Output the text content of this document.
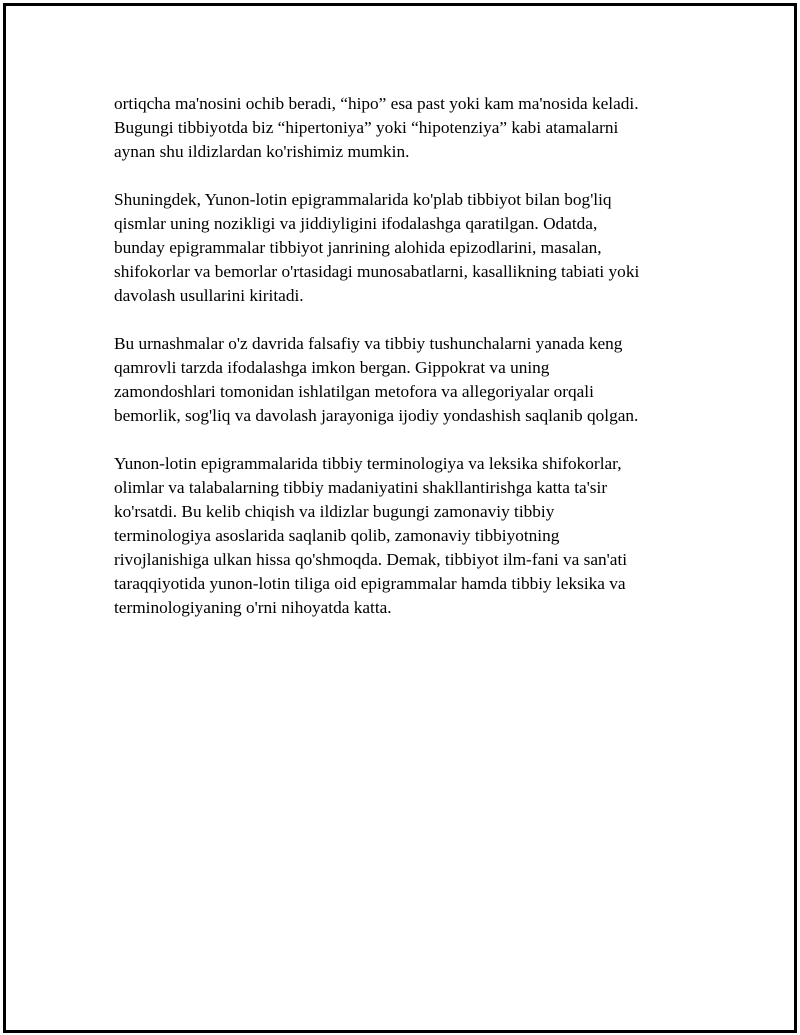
ortiqcha ma'nosini ochib beradi, “hipo” esa past yoki kam ma'nosida keladi.
Bugungi tibbiyotda biz “hipertoniya” yoki “hipotenziya” kabi atamalarni
aynan shu ildizlardan ko'rishimiz mumkin.

Shuningdek, Yunon-lotin epigrammalarida ko'plab tibbiyot bilan bog'liq
qismlar uning nozikligi va jiddiyligini ifodalashga qaratilgan. Odatda,
bunday epigrammalar tibbiyot janrining alohida epizodlarini, masalan,
shifokorlar va bemorlar o'rtasidagi munosabatlarni, kasallikning tabiati yoki
davolash usullarini kiritadi.

Bu urnashmalar o'z davrida falsafiy va tibbiy tushunchalarni yanada keng
qamrovli tarzda ifodalashga imkon bergan. Gippokrat va uning
zamondoshlari tomonidan ishlatilgan metofora va allegoriyalar orqali
bemorlik, sog'liq va davolash jarayoniga ijodiy yondashish saqlanib qolgan.

Yunon-lotin epigrammalarida tibbiy terminologiya va leksika shifokorlar,
olimlar va talabalarning tibbiy madaniyatini shakllantirishga katta ta'sir
ko'rsatdi. Bu kelib chiqish va ildizlar bugungi zamonaviy tibbiy
terminologiya asoslarida saqlanib qolib, zamonaviy tibbiyotning
rivojlanishiga ulkan hissa qo'shmoqda. Demak, tibbiyot ilm-fani va san'ati
taraqqiyotida yunon-lotin tiliga oid epigrammalar hamda tibbiy leksika va
terminologiyaning o'rni nihoyatda katta.
